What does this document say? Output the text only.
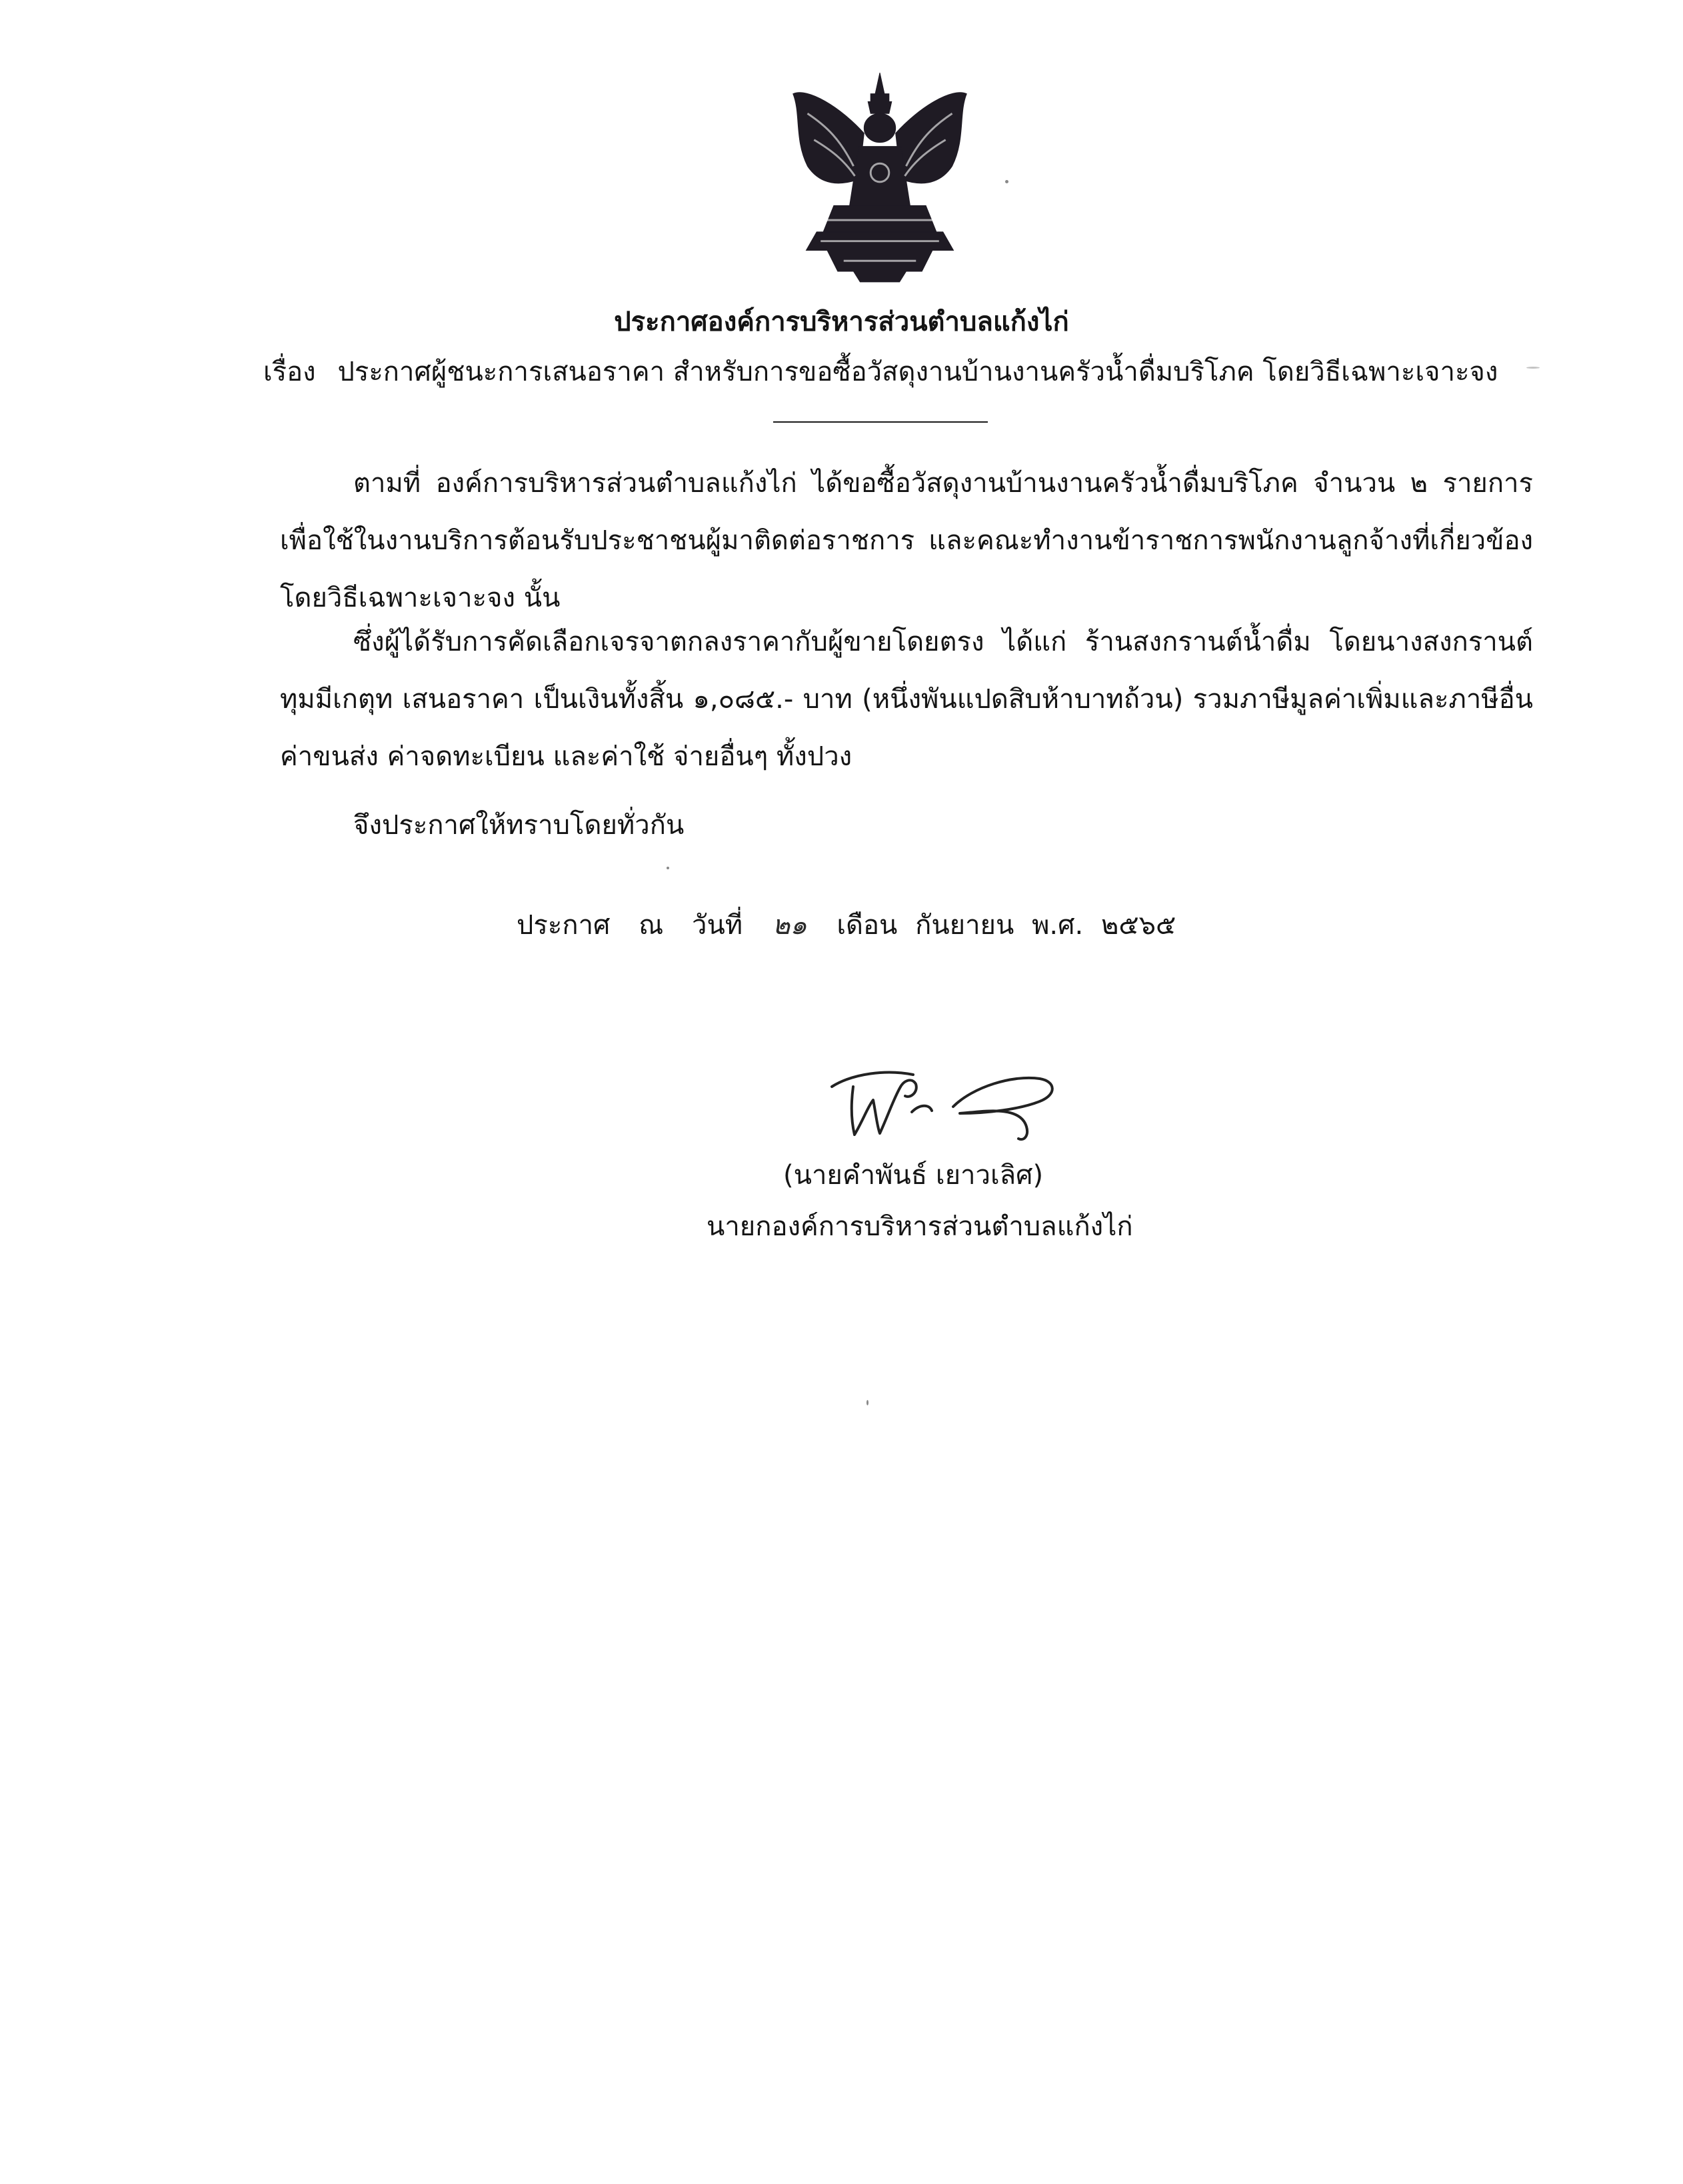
ประกาศองค์การบริหารส่วนตำบลแก้งไก่
เรื่อง ประกาศผู้ชนะการเสนอราคา สำหรับการขอซื้อวัสดุงานบ้านงานครัวน้ำดื่มบริโภค โดยวิธีเฉพาะเจาะจง

ตามที่ องค์การบริหารส่วนตำบลแก้งไก่ ได้ขอซื้อวัสดุงานบ้านงานครัวน้ำดื่มบริโภค จำนวน ๒ รายการ เพื่อใช้ในงานบริการต้อนรับประชาชนผู้มาติดต่อราชการ และคณะทำงานข้าราชการพนักงานลูกจ้างที่เกี่ยวข้อง โดยวิธีเฉพาะเจาะจง นั้น

ซึ่งผู้ได้รับการคัดเลือกเจรจาตกลงราคากับผู้ขายโดยตรง ได้แก่ ร้านสงกรานต์น้ำดื่ม โดยนางสงกรานต์ ทุมมีเกตุท เสนอราคา เป็นเงินทั้งสิ้น ๑,๐๘๕.- บาท (หนึ่งพันแปดสิบห้าบาทถ้วน) รวมภาษีมูลค่าเพิ่มและภาษีอื่น ค่าขนส่ง ค่าจดทะเบียน และค่าใช้ จ่ายอื่นๆ ทั้งปวง

จึงประกาศให้ทราบโดยทั่วกัน
ประกาศ ณ วันที่ ๒๑ เดือน กันยายน พ.ศ. ๒๕๖๕
(นายคำพันธ์ เยาวเลิศ)
นายกองค์การบริหารส่วนตำบลแก้งไก่
